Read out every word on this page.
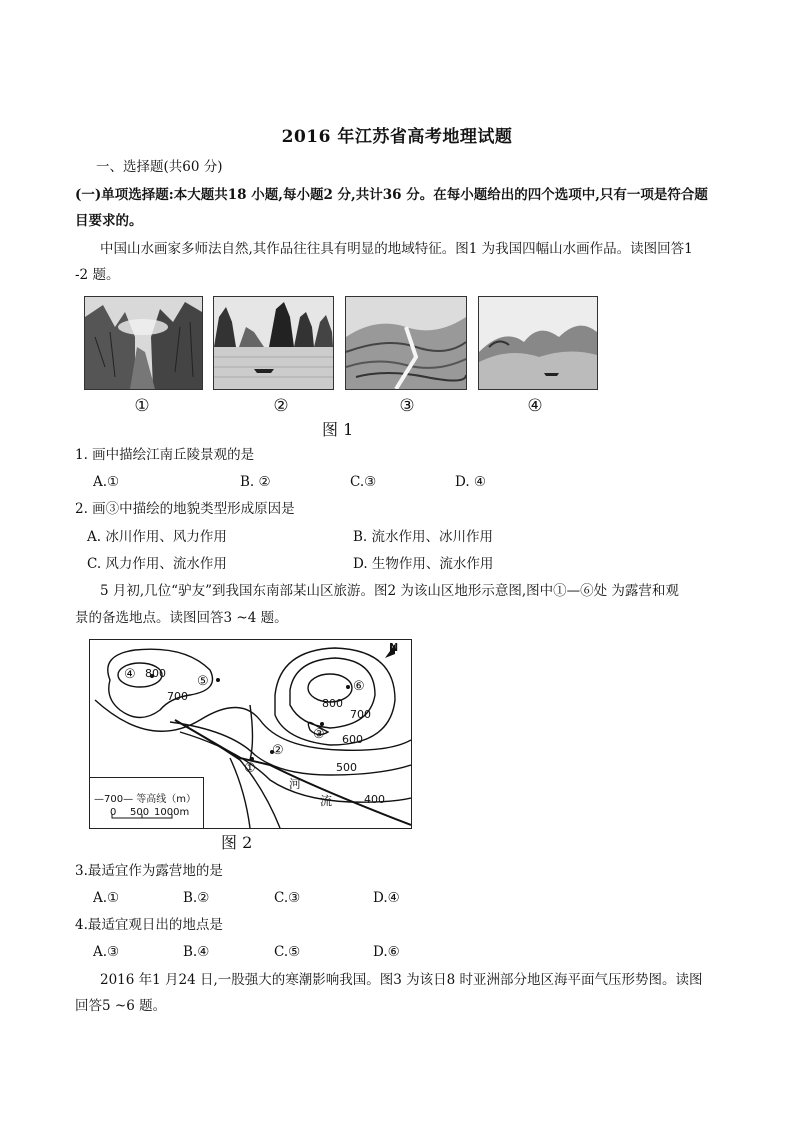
2016 年江苏省高考地理试题
一、选择题(共60 分)
(一)单项选择题:本大题共18 小题,每小题2 分,共计36 分。在每小题给出的四个选项中,只有一项是符合题
目要求的。
中国山水画家多师法自然,其作品往往具有明显的地域特征。图1 为我国四幅山水画作品。读图回答1
-2 题。
①	②	③	④
图 1
1. 画中描绘江南丘陵景观的是
A.①	B. ②	C.③	D. ④
2. 画③中描绘的地貌类型形成原因是
A. 冰川作用、风力作用	B. 流水作用、冰川作用
C. 风力作用、流水作用	D. 生物作用、流水作用
5 月初,几位“驴友”到我国东南部某山区旅游。图2 为该山区地形示意图,图中①—⑥处 为露营和观
景的备选地点。读图回答3 ~4 题。
800
700
800
700
600
500
400
①
②
③
④	⑤	⑥
河
流
N
—700— 等高线（m）
0 500 1000m
图 2
3.最适宜作为露营地的是
A.①	B.②	C.③	D.④
4.最适宜观日出的地点是
A.③	B.④	C.⑤	D.⑥
2016 年1 月24 日,一股强大的寒潮影响我国。图3 为该日8 时亚洲部分地区海平面气压形势图。读图
回答5 ~6 题。
